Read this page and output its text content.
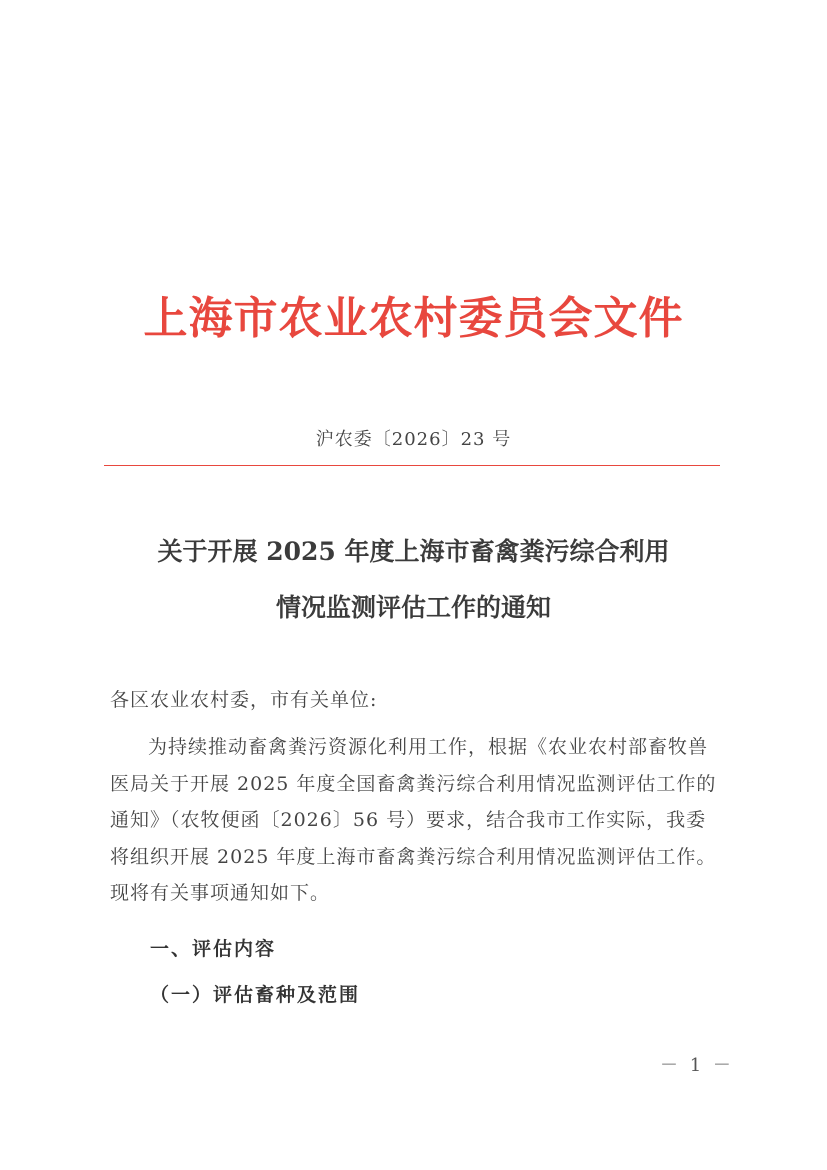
上海市农业农村委员会文件
沪农委〔2026〕23 号
关于开展 2025 年度上海市畜禽粪污综合利用
情况监测评估工作的通知
各区农业农村委，市有关单位:
为持续推动畜禽粪污资源化利用工作，根据《农业农村部畜牧兽医局关于开展 2025 年度全国畜禽粪污综合利用情况监测评估工作的通知》（农牧便函〔2026〕56 号）要求，结合我市工作实际，我委将组织开展 2025 年度上海市畜禽粪污综合利用情况监测评估工作。现将有关事项通知如下。
一、评估内容
（一）评估畜种及范围
－ 1 －
